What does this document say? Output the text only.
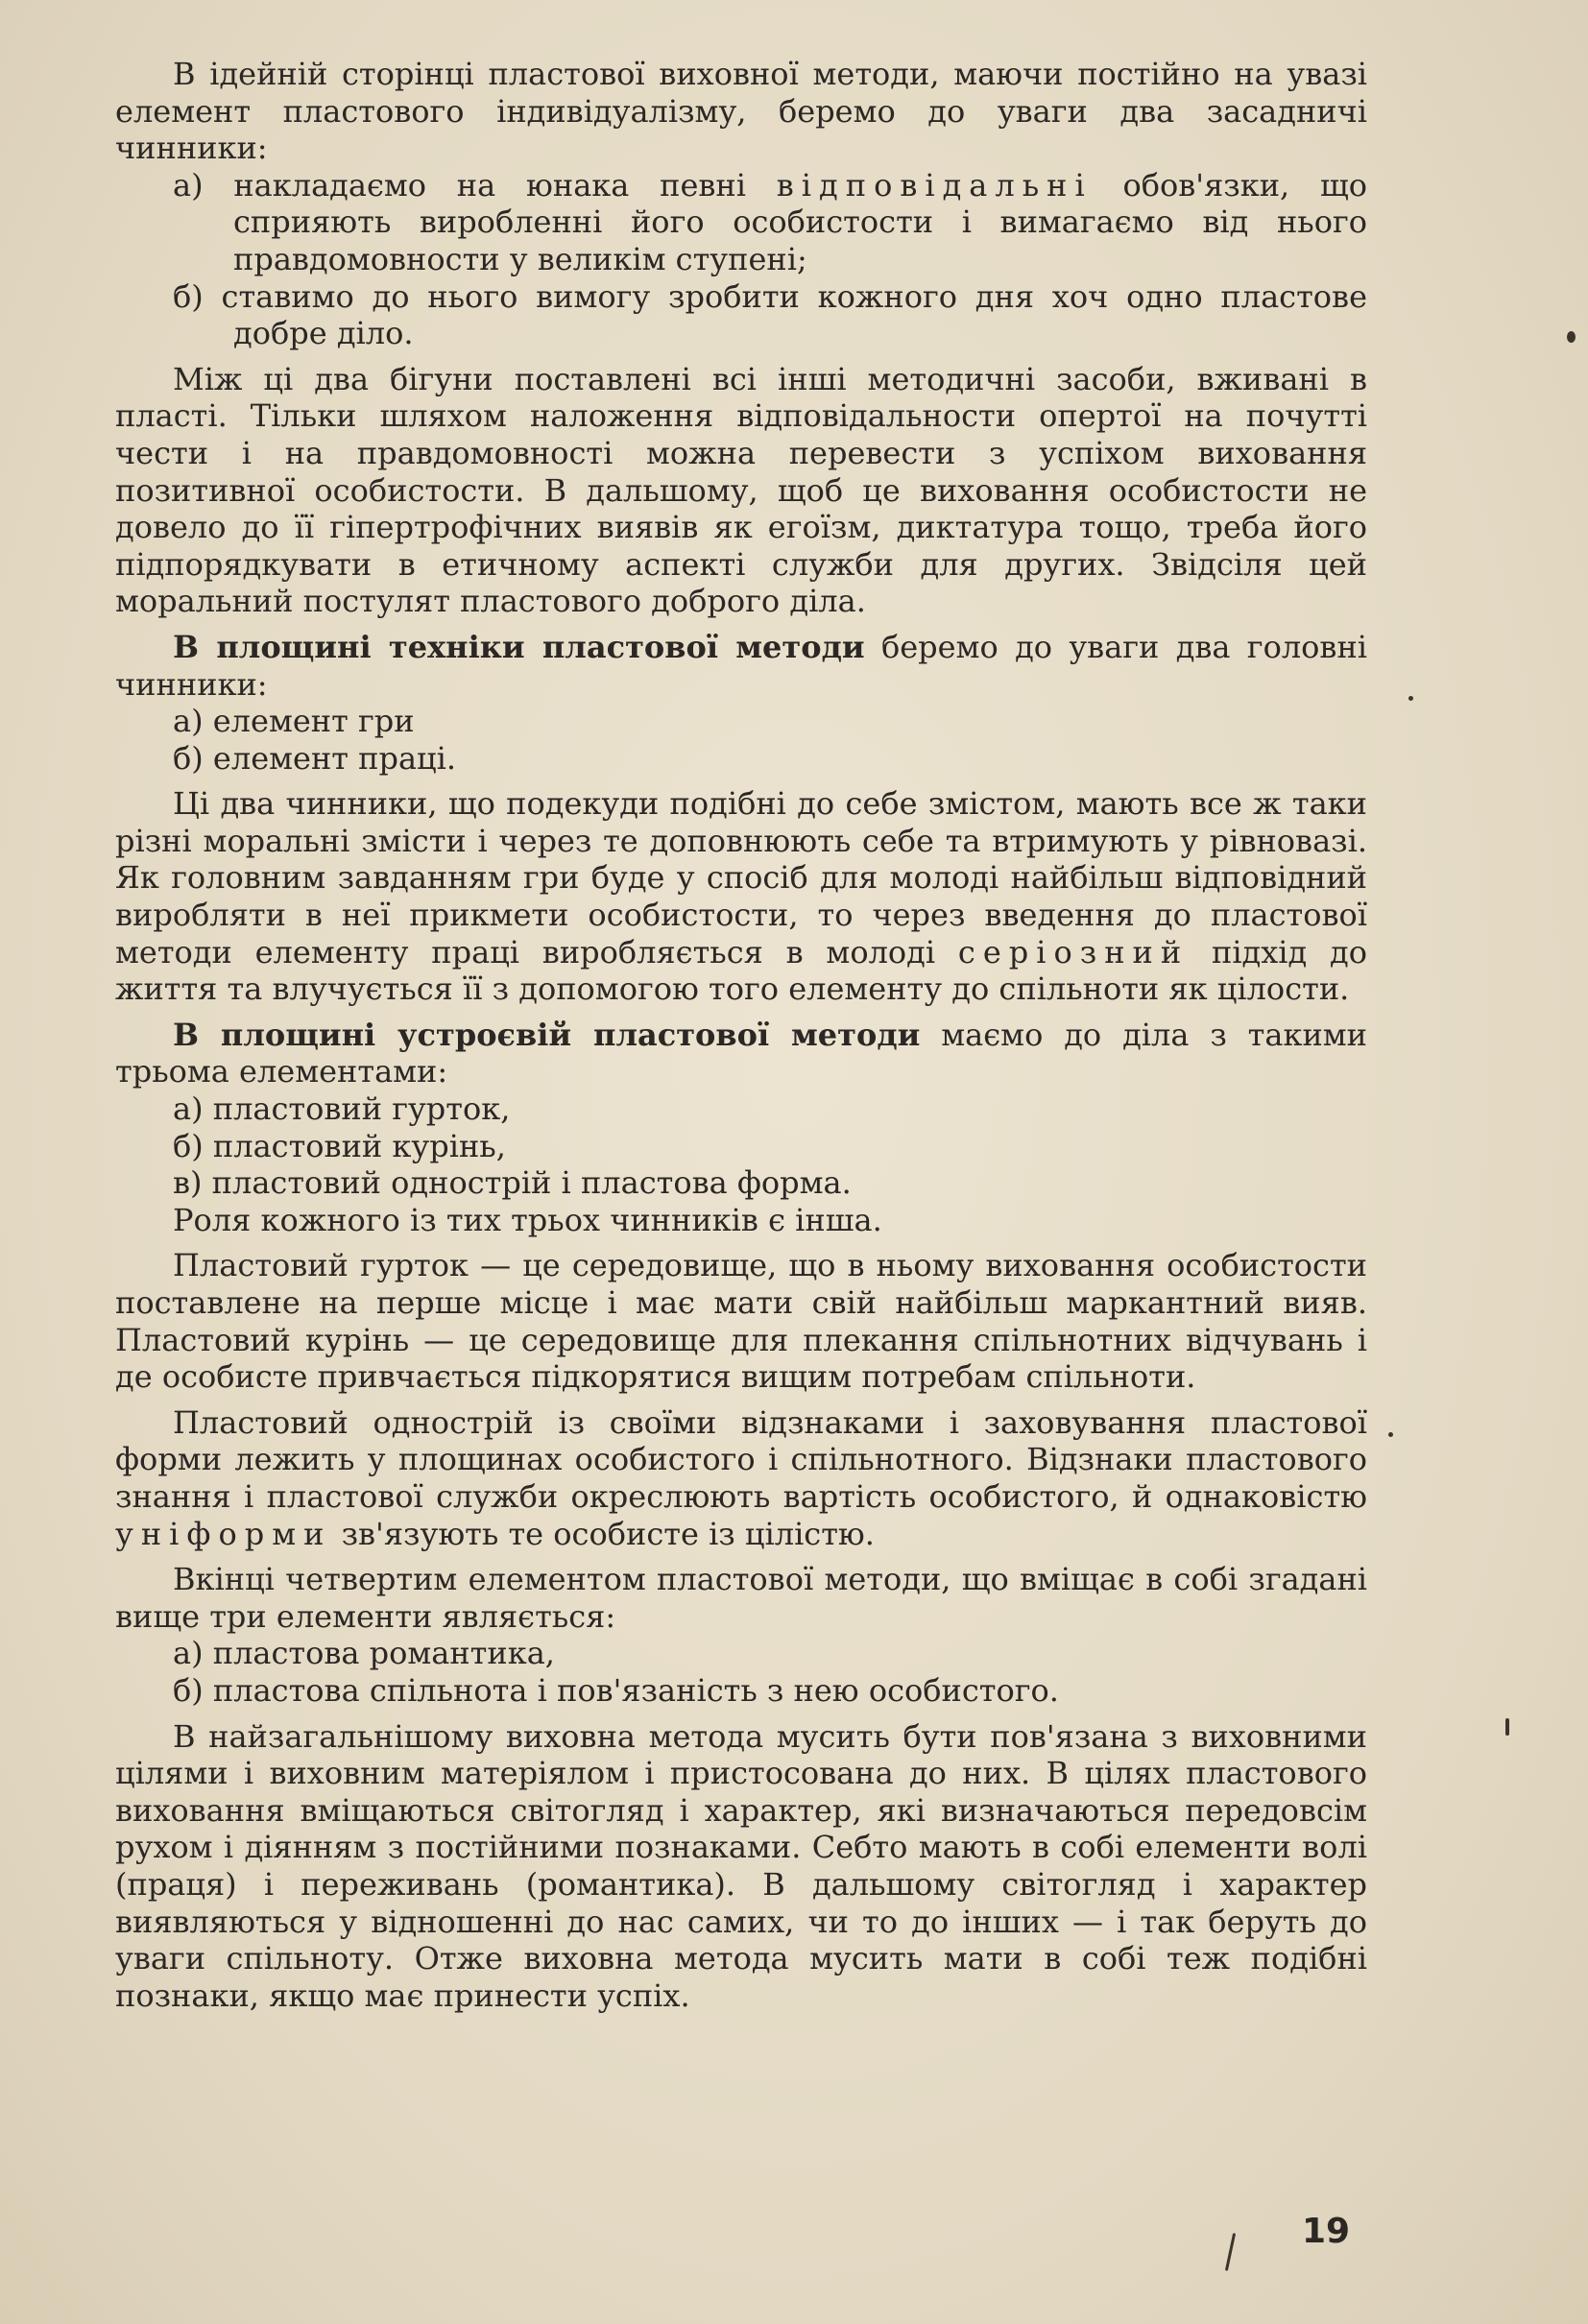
В ідейній сторінці пластової виховної методи, маючи постійно на увазі елемент пластового індивідуалізму, беремо до уваги два засадничі чинники:

а) накладаємо на юнака певні відповідальні обов'язки, що сприяють виробленні його особистости і вимагаємо від нього правдомовности у великім ступені;

б) ставимо до нього вимогу зробити кожного дня хоч одно пластове добре діло.

Між ці два бігуни поставлені всі інші методичні засоби, вживані в пласті. Тільки шляхом наложення відповідальности опертої на почутті чести і на правдомовності можна перевести з успіхом виховання позитивної особистости. В дальшому, щоб це виховання особистости не довело до її гіпертрофічних виявів як егоїзм, диктатура тощо, треба його підпорядкувати в етичному аспекті служби для других. Звідсіля цей моральний постулят пластового доброго діла.

В площині техніки пластової методи беремо до уваги два головні чинники:

а) елемент гри

б) елемент праці.

Ці два чинники, що подекуди подібні до себе змістом, мають все ж таки різні моральні змісти і через те доповнюють себе та втримують у рівновазі. Як головним завданням гри буде у спосіб для молоді найбільш відповідний виробляти в неї прикмети особистости, то через введення до пластової методи елементу праці виробляється в молоді серіозний підхід до життя та влучується її з допомогою того елементу до спільноти як цілости.

В площині устроєвій пластової методи маємо до діла з такими трьома елементами:

а) пластовий гурток,

б) пластовий курінь,

в) пластовий однострій і пластова форма.

Роля кожного із тих трьох чинників є інша.

Пластовий гурток — це середовище, що в ньому виховання особистости поставлене на перше місце і має мати свій найбільш маркантний вияв. Пластовий курінь — це середовище для плекання спільнотних відчувань і де особисте привчається підкорятися вищим потребам спільноти.

Пластовий однострій із своїми відзнаками і заховування пластової форми лежить у площинах особистого і спільнотного. Відзнаки пластового знання і пластової служби окреслюють вартість особистого, й однаковістю уніформи зв'язують те особисте із цілістю.

Вкінці четвертим елементом пластової методи, що вміщає в собі згадані вище три елементи являється:

а) пластова романтика,

б) пластова спільнота і пов'язаність з нею особистого.

В найзагальнішому виховна метода мусить бути пов'язана з виховними цілями і виховним матеріялом і пристосована до них. В цілях пластового виховання вміщаються світогляд і характер, які визначаються передовсім рухом і діянням з постійними познаками. Себто мають в собі елементи волі (праця) і переживань (романтика). В дальшому світогляд і характер виявляються у відношенні до нас самих, чи то до інших — і так беруть до уваги спільноту. Отже виховна метода мусить мати в собі теж подібні познаки, якщо має принести успіх.

19
